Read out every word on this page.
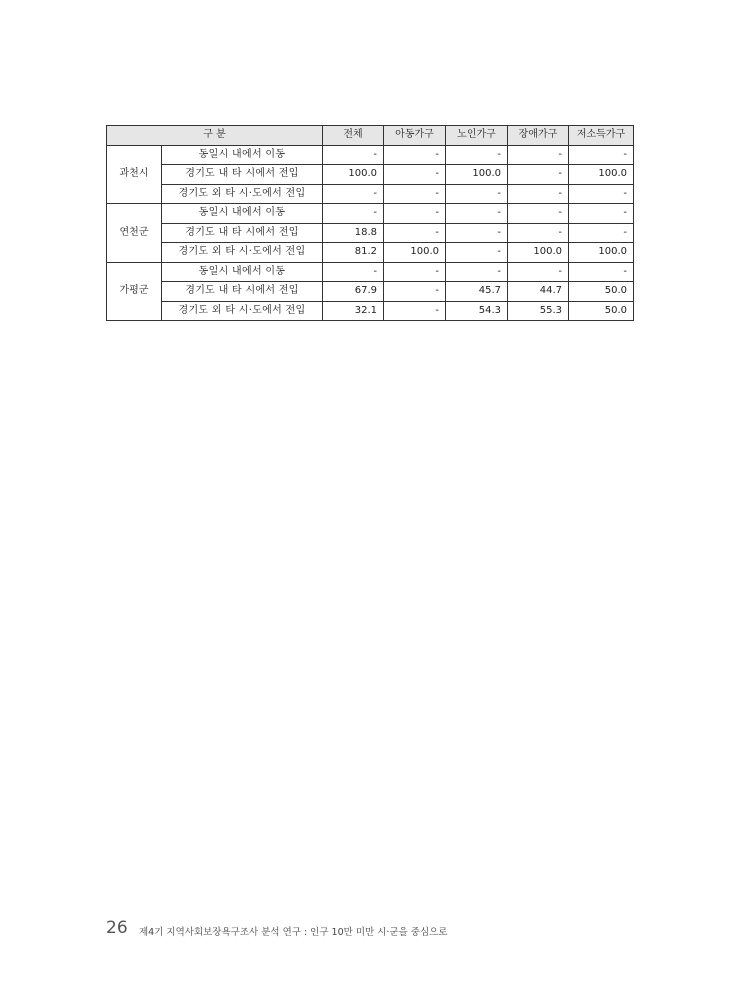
구 분		전체	아동가구	노인가구	장애가구	저소득가구
과천시	동일시 내에서 이동	-	-	-	-	-
	경기도 내 타 시에서 전입	100.0	-	100.0	-	100.0
	경기도 외 타 시·도에서 전입	-	-	-	-	-
연천군	동일시 내에서 이동	-	-	-	-	-
	경기도 내 타 시에서 전입	18.8	-	-	-	-
	경기도 외 타 시·도에서 전입	81.2	100.0	-	100.0	100.0
가평군	동일시 내에서 이동	-	-	-	-	-
	경기도 내 타 시에서 전입	67.9	-	45.7	44.7	50.0
	경기도 외 타 시·도에서 전입	32.1	-	54.3	55.3	50.0
26 제4기 지역사회보장욕구조사 분석 연구 : 인구 10만 미만 시·군을 중심으로
